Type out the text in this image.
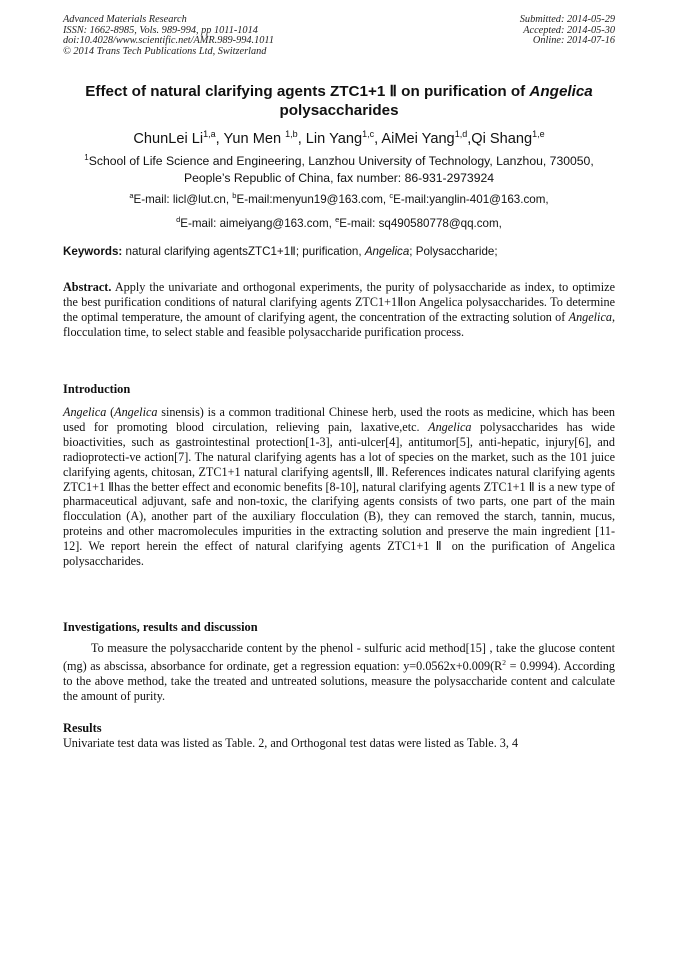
Advanced Materials Research
ISSN: 1662-8985, Vols. 989-994, pp 1011-1014
doi:10.4028/www.scientific.net/AMR.989-994.1011
© 2014 Trans Tech Publications Ltd, Switzerland
Submitted: 2014-05-29
Accepted: 2014-05-30
Online: 2014-07-16
Effect of natural clarifying agents ZTC1+1 Ⅱ on purification of Angelica
polysaccharides
ChunLei Li$^{1,a}$, Yun Men $^{1,b}$, Lin Yang$^{1,c}$, AiMei Yang$^{1,d}$,Qi Shang$^{1,e}$
$^1$School of Life Science and Engineering, Lanzhou University of Technology, Lanzhou, 730050,
People’s Republic of China, fax number: 86-931-2973924
$^a$E-mail: licl@lut.cn, $^b$E-mail:menyun19@163.com, $^c$E-mail:yanglin-401@163.com,
$^d$E-mail: aimeiyang@163.com, $^e$E-mail: sq490580778@qq.com,
Keywords: natural clarifying agentsZTC1+1Ⅱ; purification, Angelica; Polysaccharide;
Abstract. Apply the univariate and orthogonal experiments, the purity of polysaccharide as index, to optimize the best purification conditions of natural clarifying agents ZTC1+1Ⅱon Angelica polysaccharides. To determine the optimal temperature, the amount of clarifying agent, the concentration of the extracting solution of Angelica, flocculation time, to select stable and feasible polysaccharide purification process.
Introduction
Angelica (Angelica sinensis) is a common traditional Chinese herb, used the roots as medicine, which has been used for promoting blood circulation, relieving pain, laxative,etc. Angelica polysaccharides has wide bioactivities, such as gastrointestinal protection[1-3], anti-ulcer[4], antitumor[5], anti-hepatic, injury[6], and radioprotecti-ve action[7]. The natural clarifying agents has a lot of species on the market, such as the 101 juice clarifying agents, chitosan, ZTC1+1 natural clarifying agentsⅡ, Ⅲ. References indicates natural clarifying agents ZTC1+1 Ⅱhas the better effect and economic benefits [8-10], natural clarifying agents ZTC1+1 Ⅱ is a new type of pharmaceutical adjuvant, safe and non-toxic, the clarifying agents consists of two parts, one part of the main flocculation (A), another part of the auxiliary flocculation (B), they can removed the starch, tannin, mucus, proteins and other macromolecules impurities in the extracting solution and preserve the main ingredient [11-12]. We report herein the effect of natural clarifying agents ZTC1+1 Ⅱ on the purification of Angelica polysaccharides.
Investigations, results and discussion
To measure the polysaccharide content by the phenol - sulfuric acid method[15] , take the glucose content (mg) as abscissa, absorbance for ordinate, get a regression equation: $y=0.0562x+0.009(R^2 = 0.9994)$. According to the above method, take the treated and untreated solutions, measure the polysaccharide content and calculate the amount of purity.
Results
Univariate test data was listed as Table. 2, and Orthogonal test datas were listed as Table. 3, 4
